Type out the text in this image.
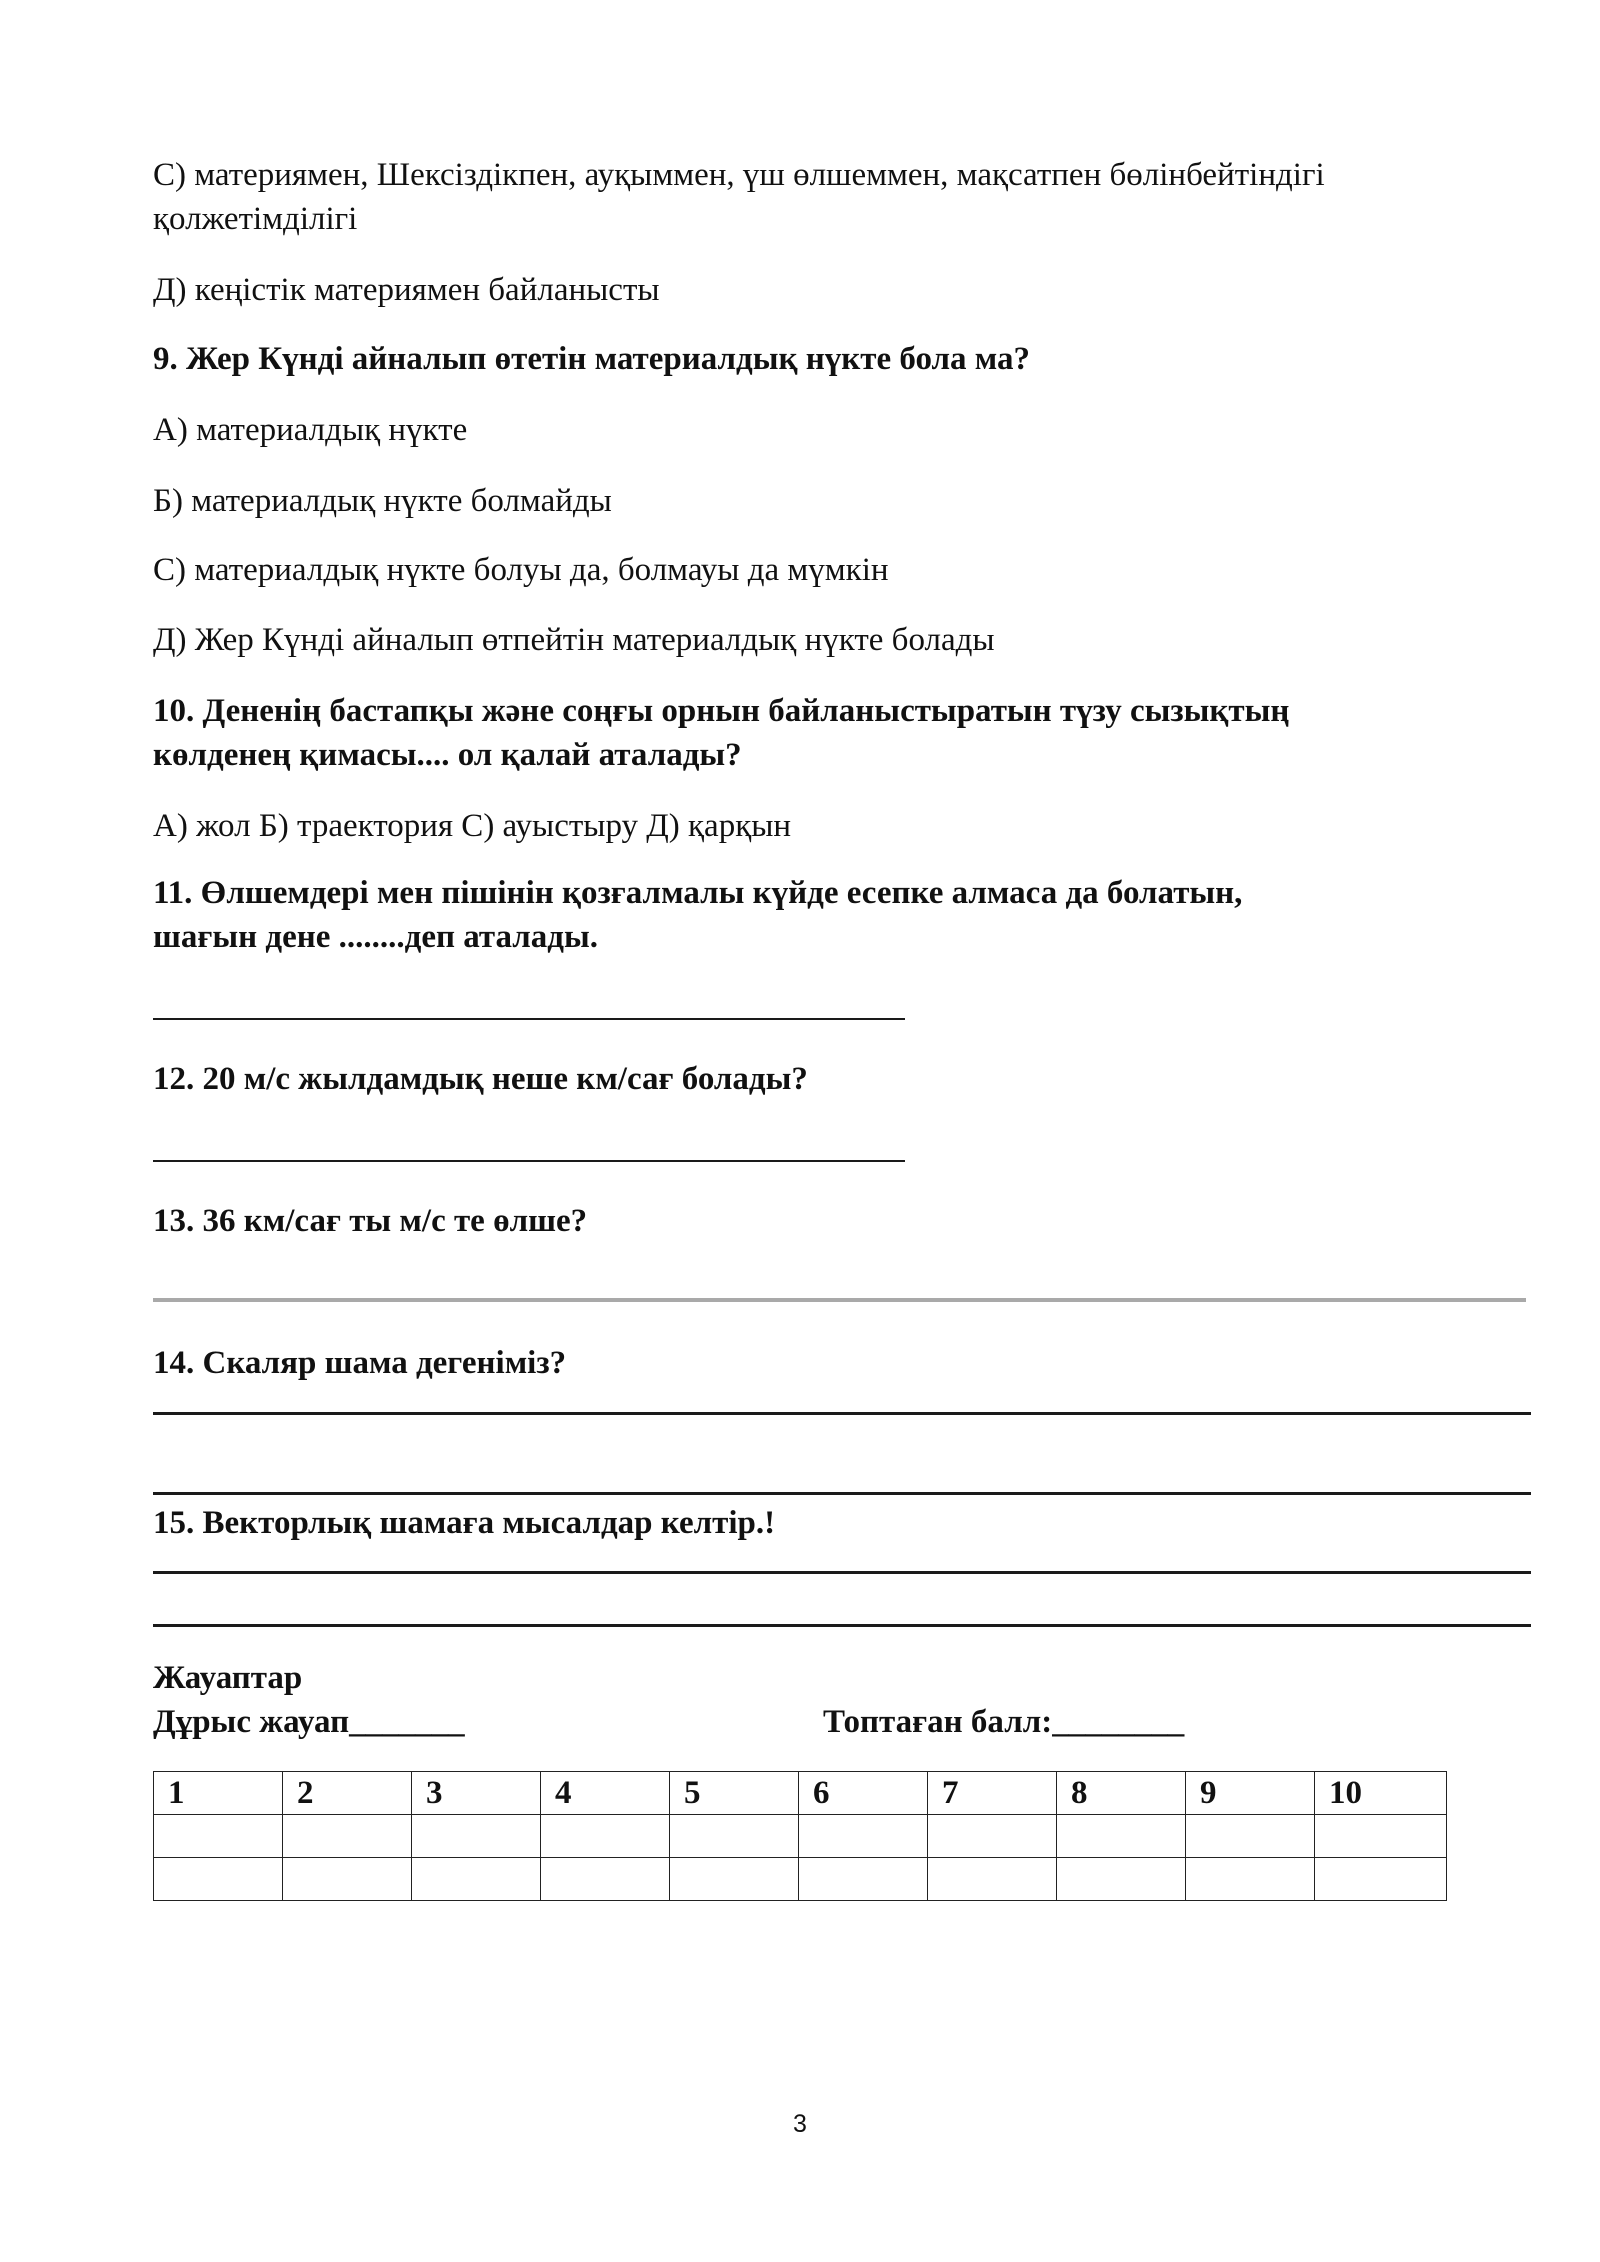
С) материямен, Шексіздікпен, ауқыммен, үш өлшеммен, мақсатпен бөлінбейтіндігі
қолжетімділігі
Д) кеңістік материямен байланысты
9. Жер Күнді айналып өтетін материалдық нүкте бола ма?
А) материалдық нүкте
Б) материалдық нүкте болмайды
С) материалдық нүкте болуы да, болмауы да мүмкін
Д) Жер Күнді айналып өтпейтін материалдық нүкте болады
10. Дененің бастапқы және соңғы орнын байланыстыратын түзу сызықтың
көлденең қимасы.... ол қалай аталады?
А) жол Б) траектория С) ауыстыру Д) қарқын
11. Өлшемдері мен пішінін қозғалмалы күйде есепке алмаса да болатын,
шағын дене ........деп аталады.
12. 20 м/с жылдамдық неше км/сағ болады?
13. 36 км/сағ ты м/с те өлше?
14. Скаляр шама дегеніміз?
15. Векторлық шамаға мысалдар келтір.!
Жауаптар
Дұрыс жауап_______	Топтаған балл:________
1	2	3	4	5	6	7	8	9	10

3
